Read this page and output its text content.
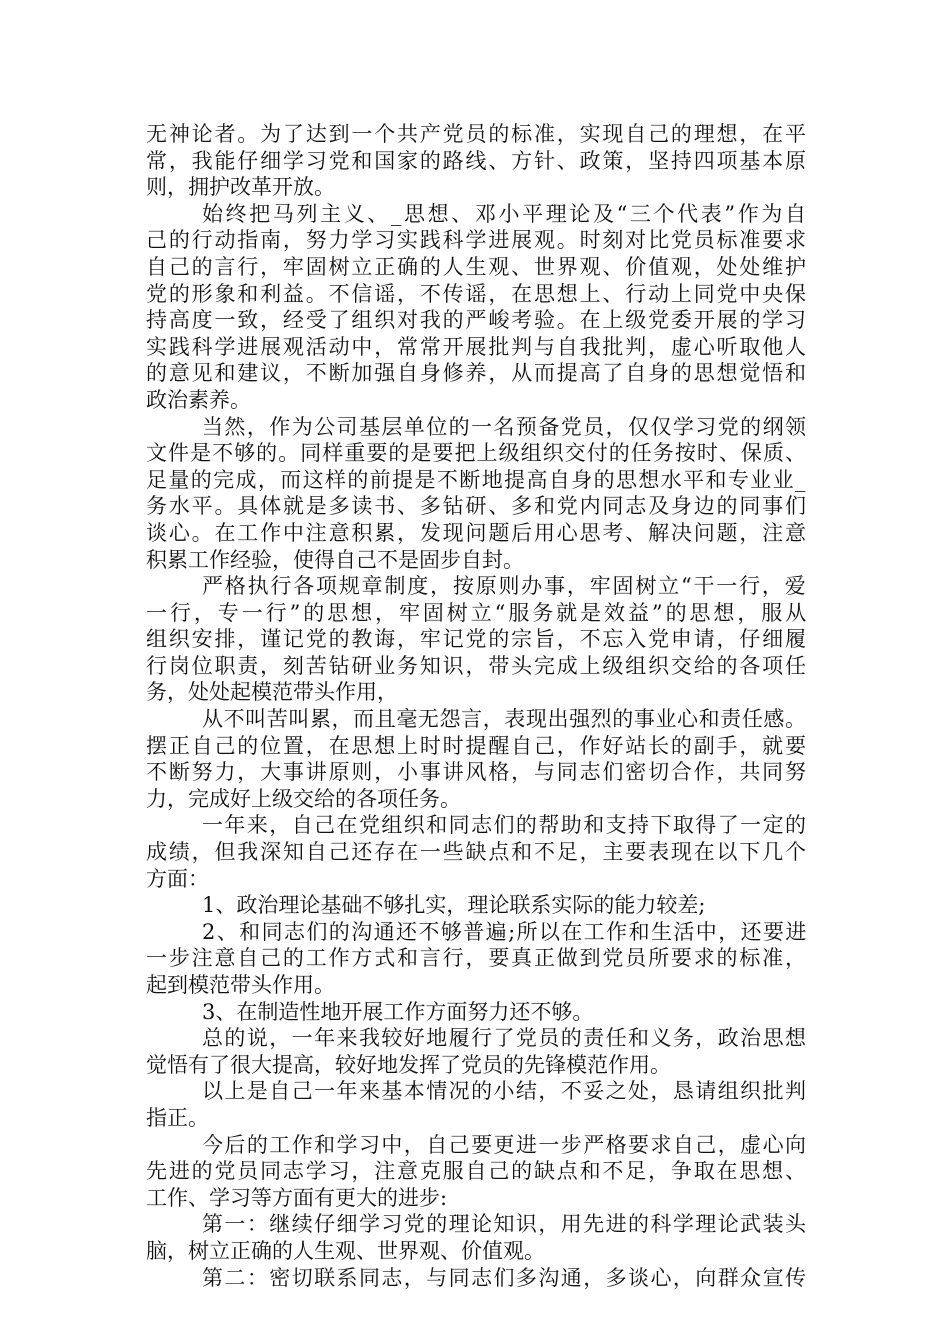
无神论者。为了达到一个共产党员的标准，实现自己的理想，在平
常，我能仔细学习党和国家的路线、方针、政策，坚持四项基本原
则，拥护改革开放。
始终把马列主义、_思想、邓小平理论及“三个代表”作为自
己的行动指南，努力学习实践科学进展观。时刻对比党员标准要求
自己的言行，牢固树立正确的人生观、世界观、价值观，处处维护
党的形象和利益。不信谣，不传谣，在思想上、行动上同党中央保
持高度一致，经受了组织对我的严峻考验。在上级党委开展的学习
实践科学进展观活动中，常常开展批判与自我批判，虚心听取他人
的意见和建议，不断加强自身修养，从而提高了自身的思想觉悟和
政治素养。
当然，作为公司基层单位的一名预备党员，仅仅学习党的纲领
文件是不够的。同样重要的是要把上级组织交付的任务按时、保质、
足量的完成，而这样的前提是不断地提高自身的思想水平和专业业_
务水平。具体就是多读书、多钻研、多和党内同志及身边的同事们
谈心。在工作中注意积累，发现问题后用心思考、解决问题，注意
积累工作经验，使得自己不是固步自封。
严格执行各项规章制度，按原则办事，牢固树立“干一行，爱
一行，专一行”的思想，牢固树立“服务就是效益”的思想，服从
组织安排，谨记党的教诲，牢记党的宗旨，不忘入党申请，仔细履
行岗位职责，刻苦钻研业务知识，带头完成上级组织交给的各项任
务，处处起模范带头作用，
从不叫苦叫累，而且毫无怨言，表现出强烈的事业心和责任感。
摆正自己的位置，在思想上时时提醒自己，作好站长的副手，就要
不断努力，大事讲原则，小事讲风格，与同志们密切合作，共同努
力，完成好上级交给的各项任务。
一年来，自己在党组织和同志们的帮助和支持下取得了一定的
成绩，但我深知自己还存在一些缺点和不足，主要表现在以下几个
方面：
1、政治理论基础不够扎实，理论联系实际的能力较差;
2、和同志们的沟通还不够普遍;所以在工作和生活中，还要进
一步注意自己的工作方式和言行，要真正做到党员所要求的标准，
起到模范带头作用。
3、在制造性地开展工作方面努力还不够。
总的说，一年来我较好地履行了党员的责任和义务，政治思想
觉悟有了很大提高，较好地发挥了党员的先锋模范作用。
以上是自己一年来基本情况的小结，不妥之处，恳请组织批判
指正。
今后的工作和学习中，自己要更进一步严格要求自己，虚心向
先进的党员同志学习，注意克服自己的缺点和不足，争取在思想、
工作、学习等方面有更大的进步:
第一：继续仔细学习党的理论知识，用先进的科学理论武装头
脑，树立正确的人生观、世界观、价值观。
第二：密切联系同志，与同志们多沟通，多谈心，向群众宣传
